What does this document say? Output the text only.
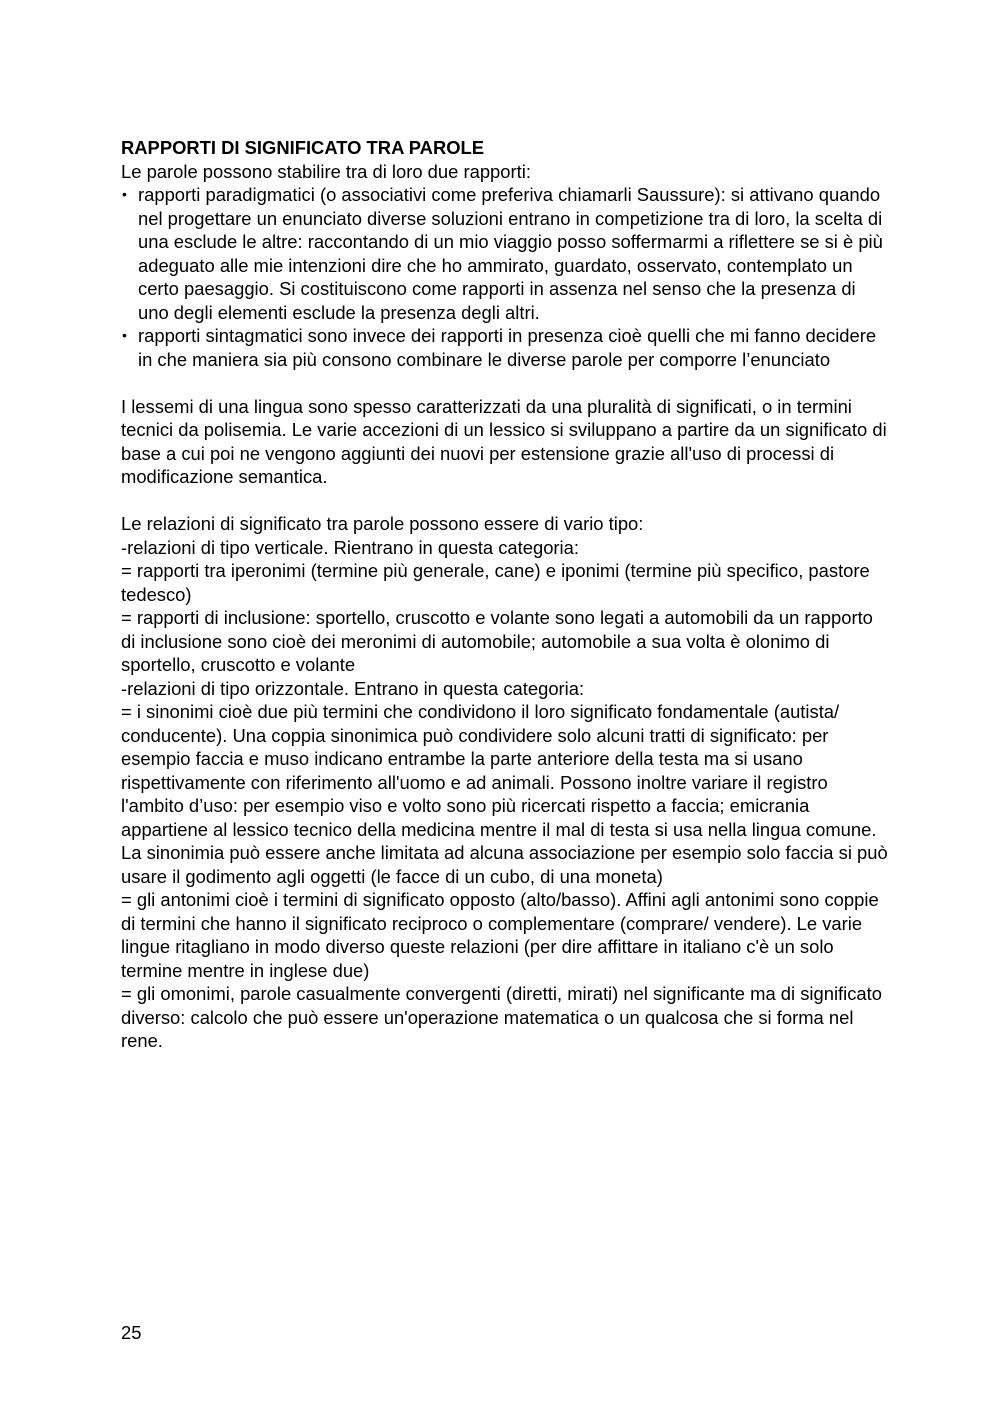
RAPPORTI DI SIGNIFICATO TRA PAROLE

Le parole possono stabilire tra di loro due rapporti:

• rapporti paradigmatici (o associativi come preferiva chiamarli Saussure): si attivano quando nel progettare un enunciato diverse soluzioni entrano in competizione tra di loro, la scelta di una esclude le altre: raccontando di un mio viaggio posso soffermarmi a riflettere se si è più adeguato alle mie intenzioni dire che ho ammirato, guardato, osservato, contemplato un certo paesaggio. Si costituiscono come rapporti in assenza nel senso che la presenza di uno degli elementi esclude la presenza degli altri.
• rapporti sintagmatici sono invece dei rapporti in presenza cioè quelli che mi fanno decidere in che maniera sia più consono combinare le diverse parole per comporre l’enunciato

I lessemi di una lingua sono spesso caratterizzati da una pluralità di significati, o in termini tecnici da polisemia. Le varie accezioni di un lessico si sviluppano a partire da un significato di base a cui poi ne vengono aggiunti dei nuovi per estensione grazie all'uso di processi di modificazione semantica.

Le relazioni di significato tra parole possono essere di vario tipo:
-relazioni di tipo verticale. Rientrano in questa categoria:
= rapporti tra iperonimi (termine più generale, cane) e iponimi (termine più specifico, pastore tedesco)
= rapporti di inclusione: sportello, cruscotto e volante sono legati a automobili da un rapporto di inclusione sono cioè dei meronimi di automobile; automobile a sua volta è olonimo di sportello, cruscotto e volante
-relazioni di tipo orizzontale. Entrano in questa categoria:
= i sinonimi cioè due più termini che condividono il loro significato fondamentale (autista/ conducente). Una coppia sinonimica può condividere solo alcuni tratti di significato: per esempio faccia e muso indicano entrambe la parte anteriore della testa ma si usano rispettivamente con riferimento all'uomo e ad animali. Possono inoltre variare il registro l'ambito d’uso: per esempio viso e volto sono più ricercati rispetto a faccia; emicrania appartiene al lessico tecnico della medicina mentre il mal di testa si usa nella lingua comune. La sinonimia può essere anche limitata ad alcuna associazione per esempio solo faccia si può usare il godimento agli oggetti (le facce di un cubo, di una moneta)
= gli antonimi cioè i termini di significato opposto (alto/basso). Affini agli antonimi sono coppie di termini che hanno il significato reciproco o complementare (comprare/ vendere). Le varie lingue ritagliano in modo diverso queste relazioni (per dire affittare in italiano c'è un solo termine mentre in inglese due)
= gli omonimi, parole casualmente convergenti (diretti, mirati) nel significante ma di significato diverso: calcolo che può essere un'operazione matematica o un qualcosa che si forma nel rene.
25
